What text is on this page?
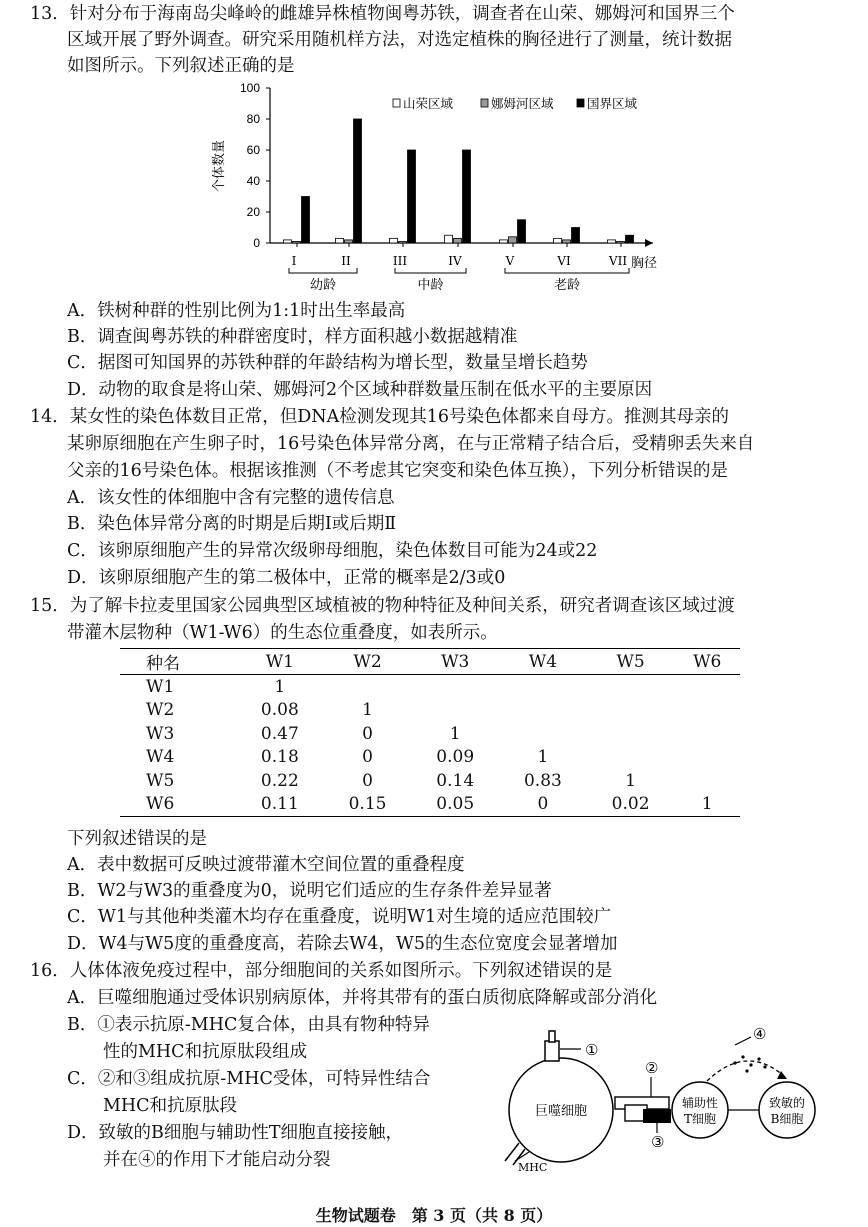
13．针对分布于海南岛尖峰岭的雌雄异株植物闽粤苏铁，调查者在山荣、娜姆河和国界三个
区域开展了野外调查。研究采用随机样方法，对选定植株的胸径进行了测量，统计数据
如图所示。下列叙述正确的是
0
20
40
60
80
100
个体数量
胸径
I	II	III	IV	V	VI	VII
幼龄	中龄	老龄
山荣区域	娜姆河区域	国界区域
A．铁树种群的性别比例为1:1时出生率最高
B．调查闽粤苏铁的种群密度时，样方面积越小数据越精准
C．据图可知国界的苏铁种群的年龄结构为增长型，数量呈增长趋势
D．动物的取食是将山荣、娜姆河2个区域种群数量压制在低水平的主要原因
14．某女性的染色体数目正常，但DNA检测发现其16号染色体都来自母方。推测其母亲的
某卵原细胞在产生卵子时，16号染色体异常分离，在与正常精子结合后，受精卵丢失来自
父亲的16号染色体。根据该推测（不考虑其它突变和染色体互换），下列分析错误的是
A．该女性的体细胞中含有完整的遗传信息
B．染色体异常分离的时期是后期Ⅰ或后期Ⅱ
C．该卵原细胞产生的异常次级卵母细胞，染色体数目可能为24或22
D．该卵原细胞产生的第二极体中，正常的概率是2/3或0
15．为了解卡拉麦里国家公园典型区域植被的物种特征及种间关系，研究者调查该区域过渡
带灌木层物种（W1-W6）的生态位重叠度，如表所示。
种名	W1	W2	W3	W4	W5	W6
W1	1					
W2	0.08	1				
W3	0.47	0	1			
W4	0.18	0	0.09	1		
W5	0.22	0	0.14	0.83	1	
W6	0.11	0.15	0.05	0	0.02	1
下列叙述错误的是
A．表中数据可反映过渡带灌木空间位置的重叠程度
B．W2与W3的重叠度为0，说明它们适应的生存条件差异显著
C．W1与其他种类灌木均存在重叠度，说明W1对生境的适应范围较广
D．W4与W5度的重叠度高，若除去W4，W5的生态位宽度会显著增加
16．人体体液免疫过程中，部分细胞间的关系如图所示。下列叙述错误的是
A．巨噬细胞通过受体识别病原体，并将其带有的蛋白质彻底降解或部分消化
B．①表示抗原-MHC复合体，由具有物种特异
性的MHC和抗原肽段组成
C．②和③组成抗原-MHC受体，可特异性结合
MHC和抗原肽段
D．致敏的B细胞与辅助性T细胞直接接触，
并在④的作用下才能启动分裂
①
巨噬细胞
MHC
②
③
辅助性
T细胞
致敏的
B细胞
④
生物试题卷　第 3 页（共 8 页）
